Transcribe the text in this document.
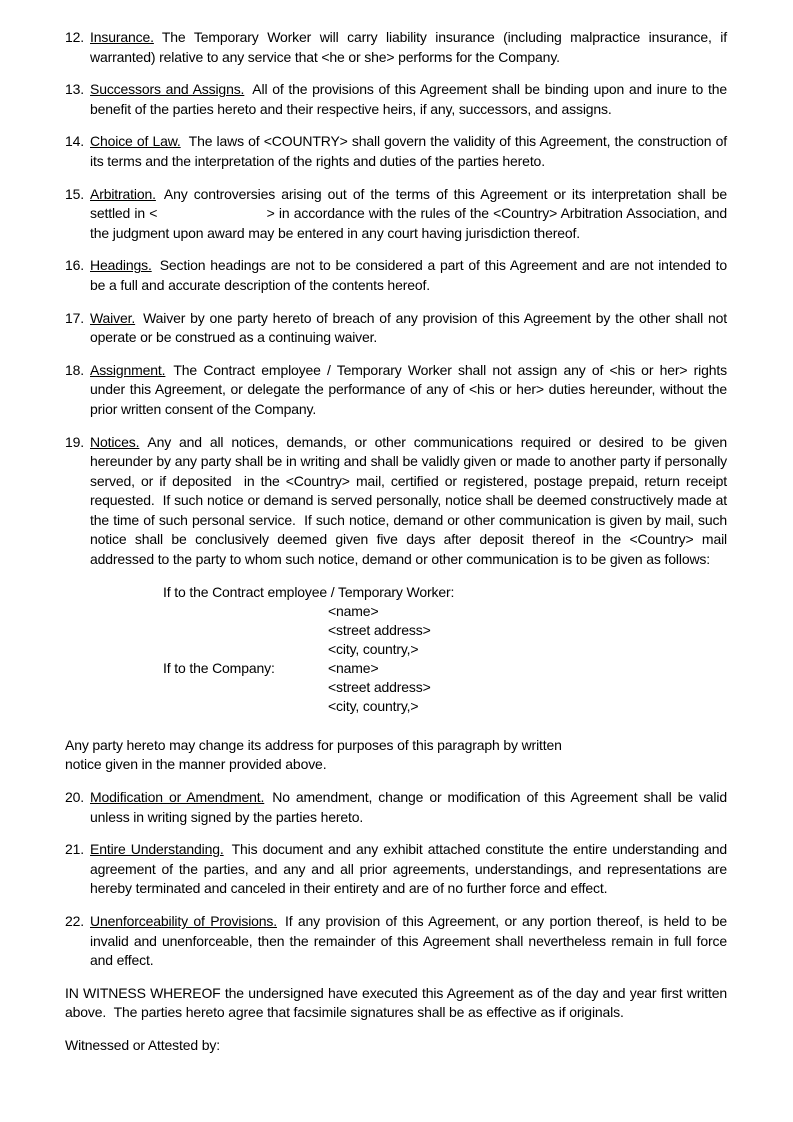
12. Insurance. The Temporary Worker will carry liability insurance (including malpractice insurance, if warranted) relative to any service that <he or she> performs for the Company.
13. Successors and Assigns. All of the provisions of this Agreement shall be binding upon and inure to the benefit of the parties hereto and their respective heirs, if any, successors, and assigns.
14. Choice of Law. The laws of <COUNTRY> shall govern the validity of this Agreement, the construction of its terms and the interpretation of the rights and duties of the parties hereto.
15. Arbitration. Any controversies arising out of the terms of this Agreement or its interpretation shall be settled in <                          > in accordance with the rules of the <Country> Arbitration Association, and the judgment upon award may be entered in any court having jurisdiction thereof.
16. Headings. Section headings are not to be considered a part of this Agreement and are not intended to be a full and accurate description of the contents hereof.
17. Waiver. Waiver by one party hereto of breach of any provision of this Agreement by the other shall not operate or be construed as a continuing waiver.
18. Assignment. The Contract employee / Temporary Worker shall not assign any of <his or her> rights under this Agreement, or delegate the performance of any of <his or her> duties hereunder, without the prior written consent of the Company.
19. Notices. Any and all notices, demands, or other communications required or desired to be given hereunder by any party shall be in writing and shall be validly given or made to another party if personally served, or if deposited  in the <Country> mail, certified or registered, postage prepaid, return receipt requested.  If such notice or demand is served personally, notice shall be deemed constructively made at the time of such personal service.  If such notice, demand or other communication is given by mail, such notice shall be conclusively deemed given five days after deposit thereof in the <Country> mail addressed to the party to whom such notice, demand or other communication is to be given as follows:
If to the Contract employee / Temporary Worker:
<name>
<street address>
<city, country,>
If to the Company:	<name>
<street address>
<city, country,>

Any party hereto may change its address for purposes of this paragraph by written
notice given in the manner provided above.

20. Modification or Amendment. No amendment, change or modification of this Agreement shall be valid unless in writing signed by the parties hereto.
21. Entire Understanding. This document and any exhibit attached constitute the entire understanding and agreement of the parties, and any and all prior agreements, understandings, and representations are hereby terminated and canceled in their entirety and are of no further force and effect.
22. Unenforceability of Provisions. If any provision of this Agreement, or any portion thereof, is held to be invalid and unenforceable, then the remainder of this Agreement shall nevertheless remain in full force and effect.

IN WITNESS WHEREOF the undersigned have executed this Agreement as of the day and year first written above.  The parties hereto agree that facsimile signatures shall be as effective as if originals.

Witnessed or Attested by:
